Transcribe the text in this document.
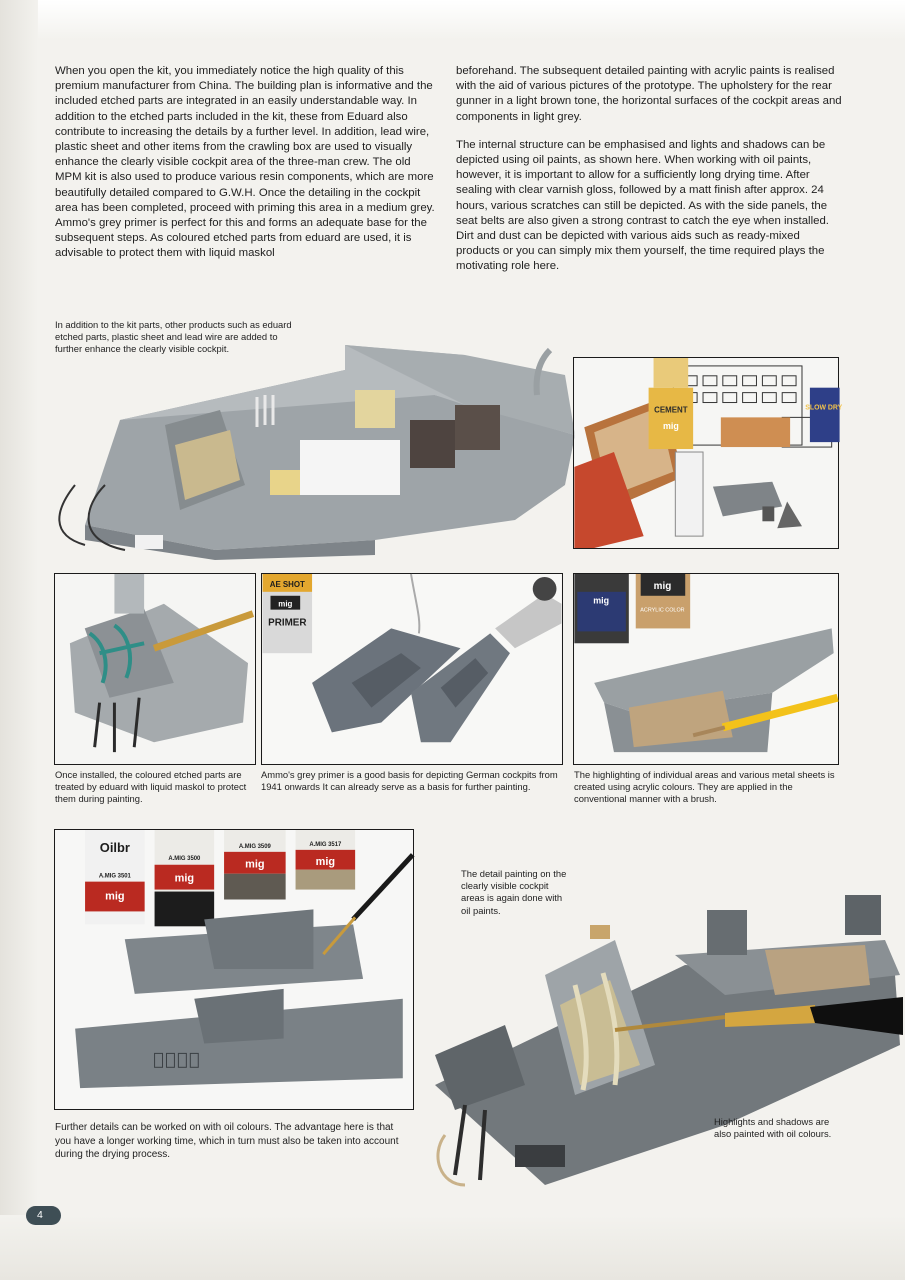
When you open the kit, you immediately notice the high quality of this premium manufacturer from China. The building plan is informative and the included etched parts are integrated in an easily understandable way. In addition to the etched parts included in the kit, these from Eduard also contribute to increasing the details by a further level. In addition, lead wire, plastic sheet and other items from the crawling box are used to visually enhance the clearly visible cockpit area of the three-man crew. The old MPM kit is also used to produce various resin components, which are more beautifully detailed compared to G.W.H. Once the detailing in the cockpit area has been completed, proceed with priming this area in a medium grey. Ammo's grey primer is perfect for this and forms an adequate base for the subsequent steps. As coloured etched parts from eduard are used, it is advisable to protect them with liquid maskol

beforehand. The subsequent detailed painting with acrylic paints is realised with the aid of various pictures of the prototype. The upholstery for the rear gunner in a light brown tone, the horizontal surfaces of the cockpit areas and components in light grey.

The internal structure can be emphasised and lights and shadows can be depicted using oil paints, as shown here. When working with oil paints, however, it is important to allow for a sufficiently long drying time. After sealing with clear varnish gloss, followed by a matt finish after approx. 24 hours, various scratches can still be depicted. As with the side panels, the seat belts are also given a strong contrast to catch the eye when installed. Dirt and dust can be depicted with various aids such as ready-mixed products or you can simply mix them yourself, the time required plays the motivating role here.

In addition to the kit parts, other products such as eduard etched parts, plastic sheet and lead wire are added to further enhance the clearly visible cockpit.
CEMENT
mig
SLOW DRY
Once installed, the coloured etched parts are treated by eduard with liquid maskol to protect them during painting.
AE SHOT
mig
PRIMER
Ammo's grey primer is a good basis for depicting German cockpits from 1941 onwards It can already serve as a basis for further painting.
mig
mig
ACRYLIC COLOR
The highlighting of individual areas and various metal sheets is created using acrylic colours. They are applied in the conventional manner with a brush.
A.MIG 3501
mig
Oilbr
A.MIG 3500
mig
A.MIG 3509
mig
A.MIG 3517
mig
Further details can be worked on with oil colours. The advantage here is that you have a longer working time, which in turn must also be taken into account during the drying process.
The detail painting on the clearly visible cockpit areas is again done with oil paints.
Highlights and shadows are also painted with oil colours.
4
